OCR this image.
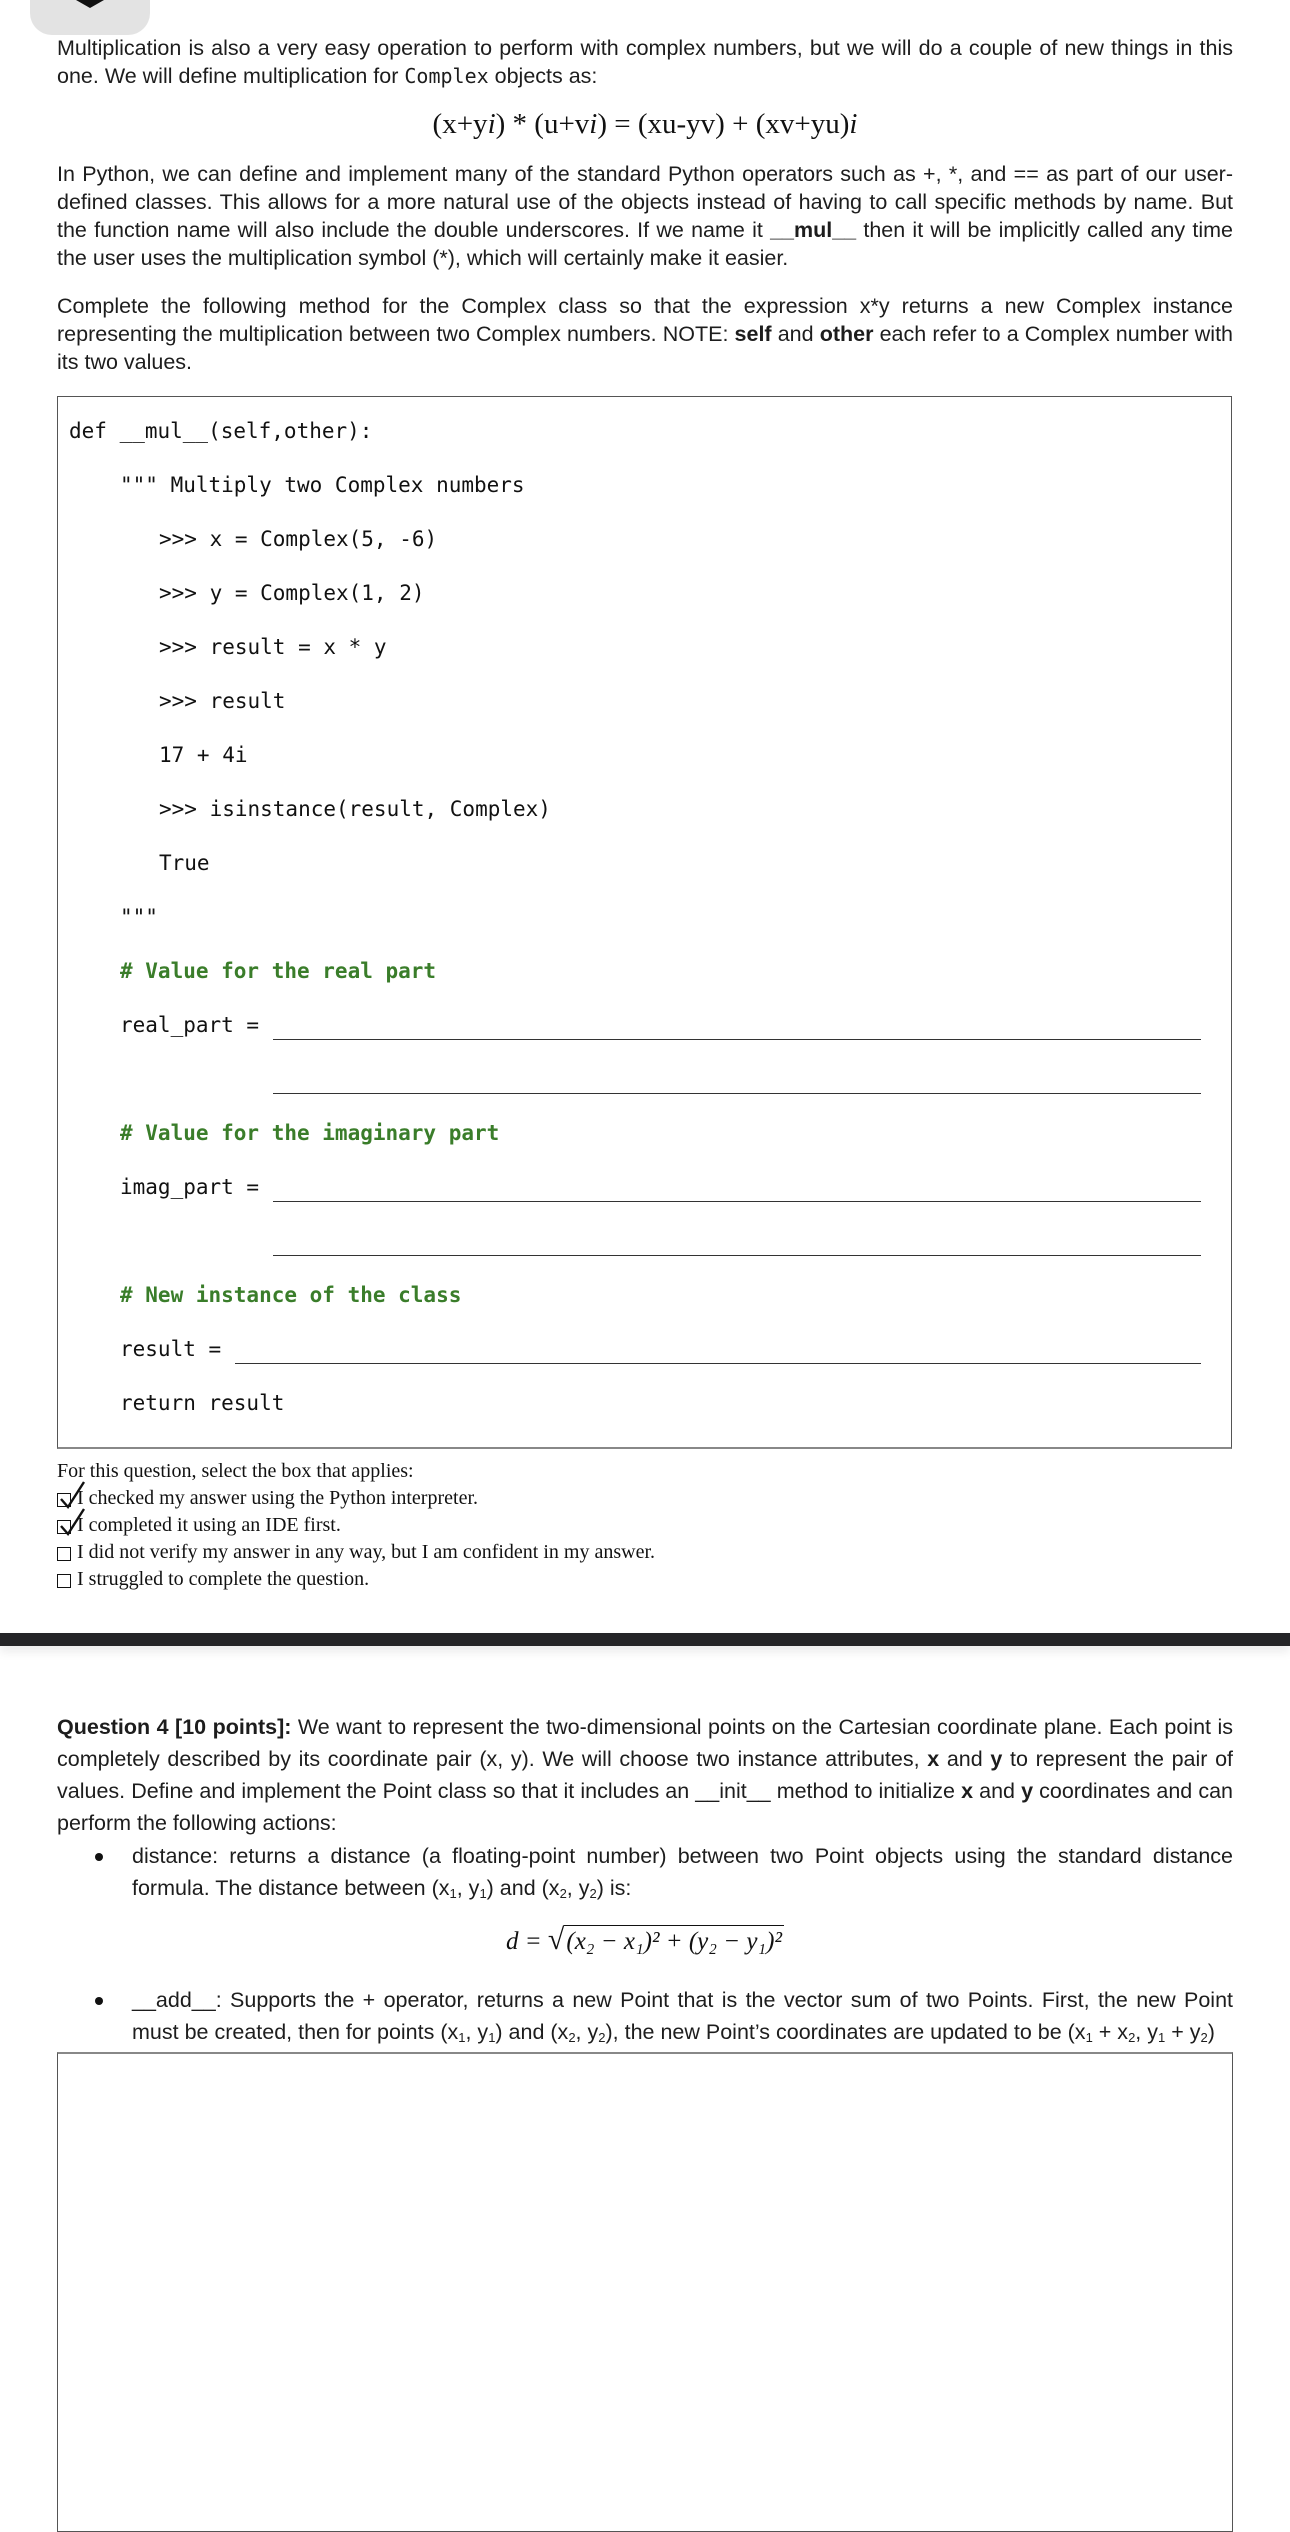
Multiplication is also a very easy operation to perform with complex numbers, but we will do a couple of new things in this one. We will define multiplication for Complex objects as:
(x+yi) * (u+vi) = (xu-yv) + (xv+yu)i
In Python, we can define and implement many of the standard Python operators such as +, *, and == as part of our user-defined classes. This allows for a more natural use of the objects instead of having to call specific methods by name. But the function name will also include the double underscores. If we name it __mul__ then it will be implicitly called any time the user uses the multiplication symbol (*), which will certainly make it easier.
Complete the following method for the Complex class so that the expression x*y returns a new Complex instance representing the multiplication between two Complex numbers. NOTE: self and other each refer to a Complex number with its two values.
def __mul__(self,other):
""" Multiply two Complex numbers
>>> x = Complex(5, -6)
>>> y = Complex(1, 2)
>>> result = x * y
>>> result
17 + 4i
>>> isinstance(result, Complex)
True
"""
# Value for the real part
real_part =
# Value for the imaginary part
imag_part =
# New instance of the class
result =
return result
For this question, select the box that applies:
I checked my answer using the Python interpreter.
I completed it using an IDE first.
I did not verify my answer in any way, but I am confident in my answer.
I struggled to complete the question.
Question 4 [10 points]: We want to represent the two-dimensional points on the Cartesian coordinate plane. Each point is completely described by its coordinate pair (x, y). We will choose two instance attributes, x and y to represent the pair of values. Define and implement the Point class so that it includes an __init__ method to initialize x and y coordinates and can perform the following actions:
distance: returns a distance (a floating-point number) between two Point objects using the standard distance formula. The distance between ($x_1$, $y_1$) and ($x_2$, $y_2$) is:
d = √(x₂ − x₁)² + (y₂ − y₁)²
__add__: Supports the + operator, returns a new Point that is the vector sum of two Points. First, the new Point must be created, then for points ($x_1$, $y_1$) and ($x_2$, $y_2$), the new Point’s coordinates are updated to be ($x_1 + x_2$, $y_1 + y_2$)
